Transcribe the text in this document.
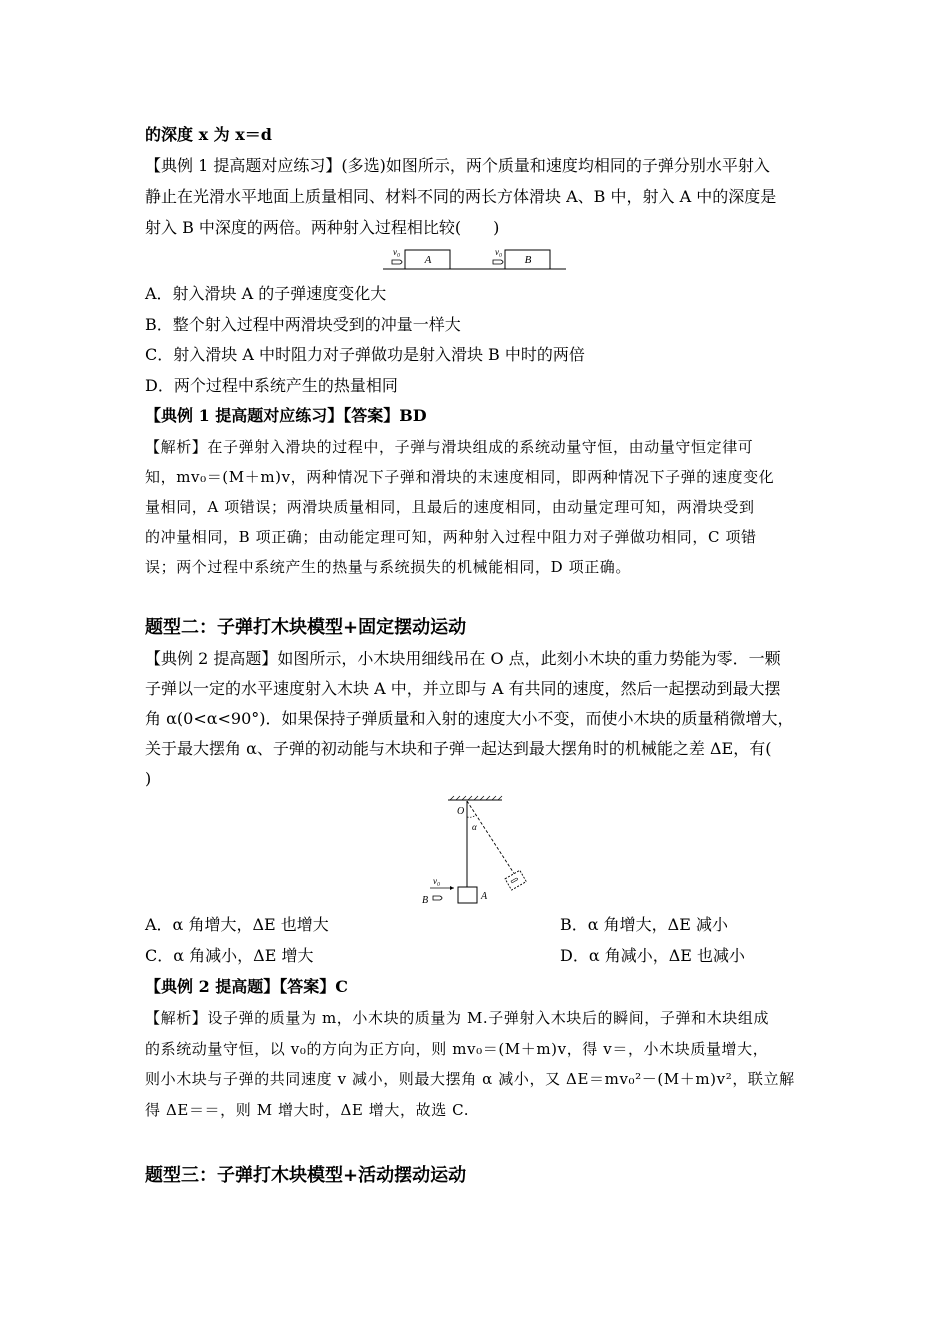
的深度 x 为 x＝d
【典例 1 提高题对应练习】(多选)如图所示，两个质量和速度均相同的子弹分别水平射入
静止在光滑水平地面上质量相同、材料不同的两长方体滑块 A、B 中，射入 A 中的深度是
射入 B 中深度的两倍。两种射入过程相比较(　　)
v₀
A
v₀
B
A．射入滑块 A 的子弹速度变化大
B．整个射入过程中两滑块受到的冲量一样大
C．射入滑块 A 中时阻力对子弹做功是射入滑块 B 中时的两倍
D．两个过程中系统产生的热量相同
【典例 1 提高题对应练习】【答案】BD
【解析】在子弹射入滑块的过程中，子弹与滑块组成的系统动量守恒，由动量守恒定律可
知，mv₀＝(M＋m)v，两种情况下子弹和滑块的末速度相同，即两种情况下子弹的速度变化
量相同，A 项错误；两滑块质量相同，且最后的速度相同，由动量定理可知，两滑块受到
的冲量相同，B 项正确；由动能定理可知，两种射入过程中阻力对子弹做功相同，C 项错
误；两个过程中系统产生的热量与系统损失的机械能相同，D 项正确。
题型二：子弹打木块模型+固定摆动运动
【典例 2 提高题】如图所示，小木块用细线吊在 O 点，此刻小木块的重力势能为零．一颗
子弹以一定的水平速度射入木块 A 中，并立即与 A 有共同的速度，然后一起摆动到最大摆
角 α(0<α<90°)．如果保持子弹质量和入射的速度大小不变，而使小木块的质量稍微增大，
关于最大摆角 α、子弹的初动能与木块和子弹一起达到最大摆角时的机械能之差 ΔE，有(
)
O
α
A
v₀
B
A．α 角增大，ΔE 也增大	B．α 角增大，ΔE 减小
C．α 角减小，ΔE 增大	D．α 角减小，ΔE 也减小
【典例 2 提高题】【答案】C
【解析】设子弹的质量为 m，小木块的质量为 M.子弹射入木块后的瞬间，子弹和木块组成
的系统动量守恒，以 v₀的方向为正方向，则 mv₀＝(M＋m)v，得 v＝，小木块质量增大，
则小木块与子弹的共同速度 v 减小，则最大摆角 α 减小，又 ΔE＝mv₀²－(M＋m)v²，联立解
得 ΔE＝＝，则 M 增大时，ΔE 增大，故选 C.
题型三：子弹打木块模型+活动摆动运动
